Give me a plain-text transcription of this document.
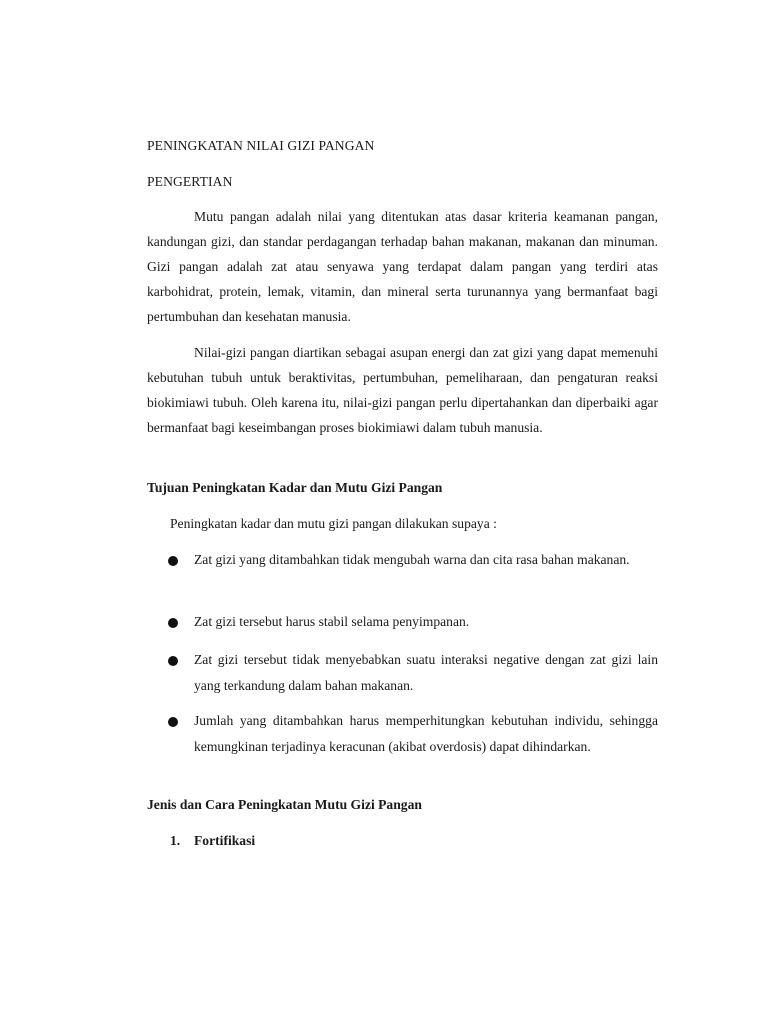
PENINGKATAN NILAI GIZI PANGAN
PENGERTIAN

Mutu pangan adalah nilai yang ditentukan atas dasar kriteria keamanan pangan, kandungan gizi, dan standar perdagangan terhadap bahan makanan, makanan dan minuman. Gizi pangan adalah zat atau senyawa yang terdapat dalam pangan yang terdiri atas karbohidrat, protein, lemak, vitamin, dan mineral serta turunannya yang bermanfaat bagi pertumbuhan dan kesehatan manusia.

Nilai-gizi pangan diartikan sebagai asupan energi dan zat gizi yang dapat memenuhi kebutuhan tubuh untuk beraktivitas, pertumbuhan, pemeliharaan, dan pengaturan reaksi biokimiawi tubuh. Oleh karena itu, nilai-gizi pangan perlu dipertahankan dan diperbaiki agar bermanfaat bagi keseimbangan proses biokimiawi dalam tubuh manusia.

Tujuan Peningkatan Kadar dan Mutu Gizi Pangan

Peningkatan kadar dan mutu gizi pangan dilakukan supaya :

Zat gizi yang ditambahkan tidak mengubah warna dan cita rasa bahan makanan.

Zat gizi tersebut harus stabil selama penyimpanan.

Zat gizi tersebut tidak menyebabkan suatu interaksi negative dengan zat gizi lain yang terkandung dalam bahan makanan.

Jumlah yang ditambahkan harus memperhitungkan kebutuhan individu, sehingga kemungkinan terjadinya keracunan (akibat overdosis) dapat dihindarkan.

Jenis dan Cara Peningkatan Mutu Gizi Pangan
1. Fortifikasi
